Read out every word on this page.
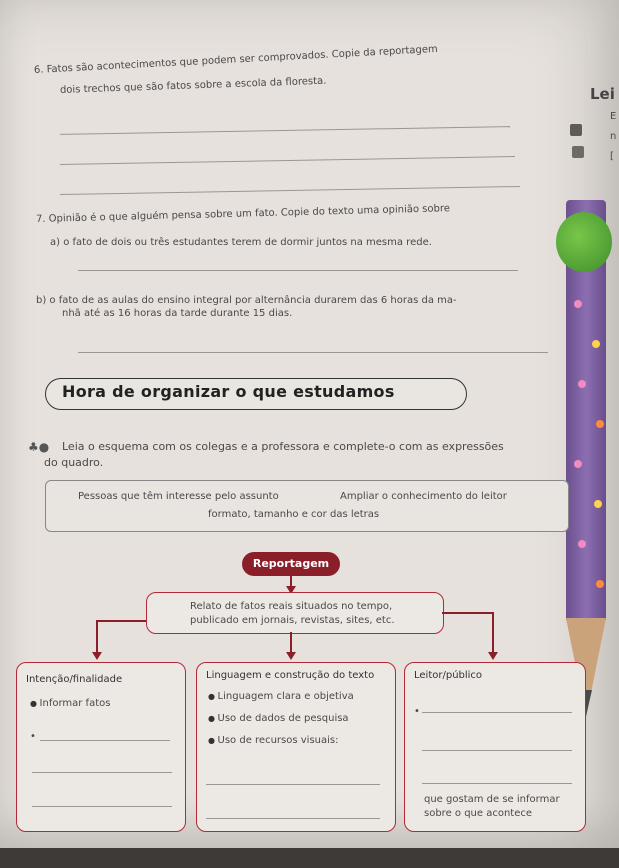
Lei
E
n
[
6. Fatos são acontecimentos que podem ser comprovados. Copie da reportagem
dois trechos que são fatos sobre a escola da floresta.
7. Opinião é o que alguém pensa sobre um fato. Copie do texto uma opinião sobre
a) o fato de dois ou três estudantes terem de dormir juntos na mesma rede.
b) o fato de as aulas do ensino integral por alternância durarem das 6 horas da ma-
nhã até as 16 horas da tarde durante 15 dias.
Hora de organizar o que estudamos
♣● Leia o esquema com os colegas e a professora e complete-o com as expressões
do quadro.
Pessoas que têm interesse pelo assunto	Ampliar o conhecimento do leitor
formato, tamanho e cor das letras
Reportagem
Relato de fatos reais situados no tempo,
publicado em jornais, revistas, sites, etc.
Intenção/finalidade
● Informar fatos
•
Linguagem e construção do texto
● Linguagem clara e objetiva
● Uso de dados de pesquisa
● Uso de recursos visuais:
Leitor/público
•
que gostam de se informar
sobre o que acontece
